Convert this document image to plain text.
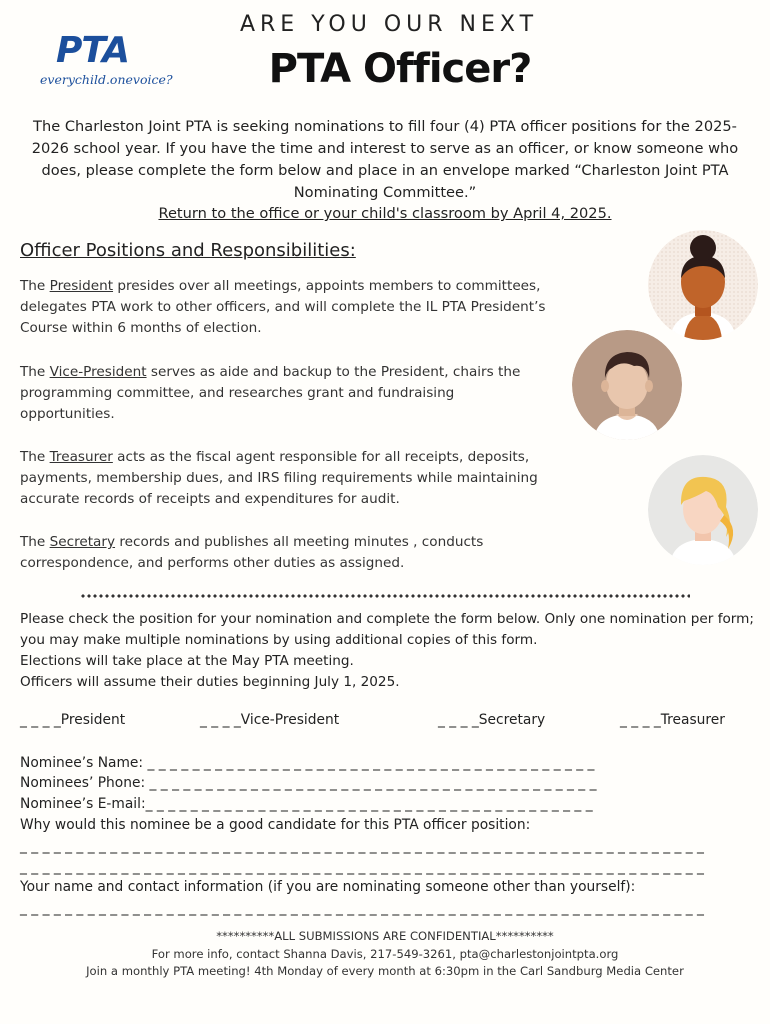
PTA
everychild.onevoice?
ARE YOU OUR NEXT
PTA Officer?
The Charleston Joint PTA is seeking nominations to fill four (4) PTA officer positions for the 2025-2026 school year. If you have the time and interest to serve as an officer, or know someone who does, please complete the form below and place in an envelope marked “Charleston Joint PTA Nominating Committee.”
Return to the office or your child's classroom by April 4, 2025.
Officer Positions and Responsibilities:
The President presides over all meetings, appoints members to committees, delegates PTA work to other officers, and will complete the IL PTA President’s Course within 6 months of election.
The Vice-President serves as aide and backup to the President, chairs the programming committee, and researches grant and fundraising opportunities.
The Treasurer acts as the fiscal agent responsible for all receipts, deposits, payments, membership dues, and IRS filing requirements while maintaining accurate records of receipts and expenditures for audit.
The Secretary records and publishes all meeting minutes , conducts correspondence, and performs other duties as assigned.
Please check the position for your nomination and complete the form below. Only one nomination per form; you may make multiple nominations by using additional copies of this form.
Elections will take place at the May PTA meeting.
Officers will assume their duties beginning July 1, 2025.
_ _ _ _President	_ _ _ _Vice-President	_ _ _ _Secretary	_ _ _ _Treasurer
Nominee’s Name: _ _ _ _ _ _ _ _ _ _ _ _ _ _ _ _ _ _ _ _ _ _ _ _ _ _ _ _ _ _ _ _ _ _ _ _ _ _ _ _
Nominees’ Phone: _ _ _ _ _ _ _ _ _ _ _ _ _ _ _ _ _ _ _ _ _ _ _ _ _ _ _ _ _ _ _ _ _ _ _ _ _ _ _ _
Nominee’s E-mail:_ _ _ _ _ _ _ _ _ _ _ _ _ _ _ _ _ _ _ _ _ _ _ _ _ _ _ _ _ _ _ _ _ _ _ _ _ _ _ _
Why would this nominee be a good candidate for this PTA officer position:
_ _ _ _ _ _ _ _ _ _ _ _ _ _ _ _ _ _ _ _ _ _ _ _ _ _ _ _ _ _ _ _ _ _ _ _ _ _ _ _ _ _ _ _ _ _ _ _ _ _ _ _ _ _ _ _ _ _ _ _ _
_ _ _ _ _ _ _ _ _ _ _ _ _ _ _ _ _ _ _ _ _ _ _ _ _ _ _ _ _ _ _ _ _ _ _ _ _ _ _ _ _ _ _ _ _ _ _ _ _ _ _ _ _ _ _ _ _ _ _ _ _
Your name and contact information (if you are nominating someone other than yourself):
_ _ _ _ _ _ _ _ _ _ _ _ _ _ _ _ _ _ _ _ _ _ _ _ _ _ _ _ _ _ _ _ _ _ _ _ _ _ _ _ _ _ _ _ _ _ _ _ _ _ _ _ _ _ _ _ _ _ _ _ _
**********ALL SUBMISSIONS ARE CONFIDENTIAL**********
For more info, contact Shanna Davis, 217-549-3261, pta@charlestonjointpta.org
Join a monthly PTA meeting! 4th Monday of every month at 6:30pm in the Carl Sandburg Media Center
